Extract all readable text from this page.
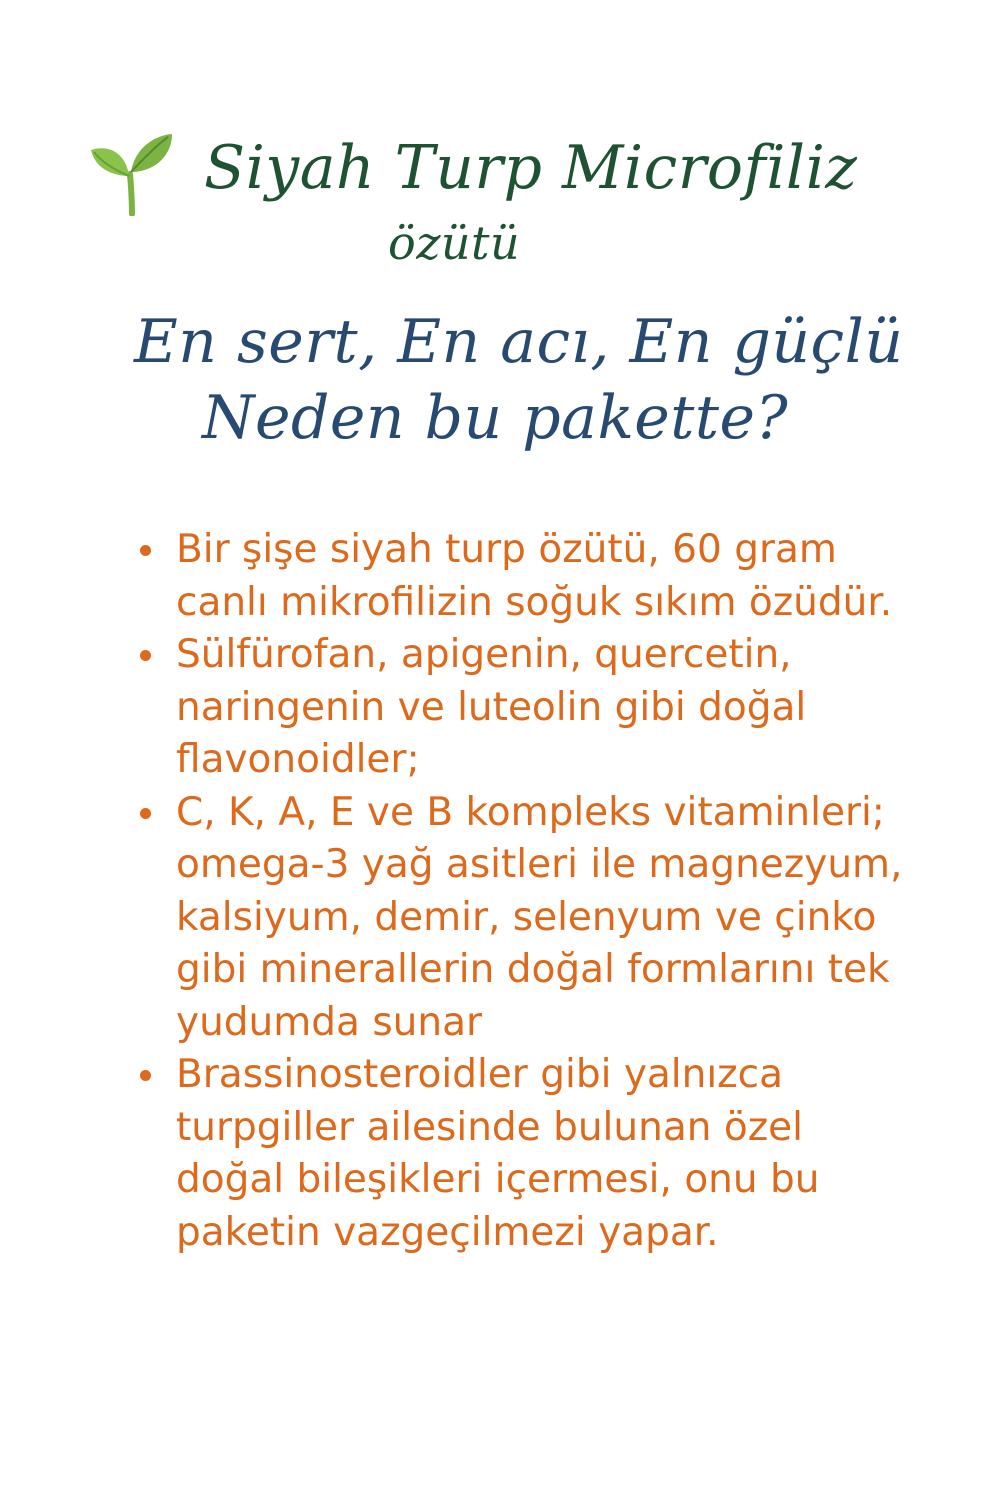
Siyah Turp Microfiliz
özütü
En sert, En acı, En güçlü
Neden bu pakette?
Bir şişe siyah turp özütü, 60 gram canlı mikrofilizin soğuk sıkım özüdür.
Sülfürofan, apigenin, quercetin, naringenin ve luteolin gibi doğal flavonoidler;
C, K, A, E ve B kompleks vitaminleri; omega-3 yağ asitleri ile magnezyum, kalsiyum, demir, selenyum ve çinko gibi minerallerin doğal formlarını tek yudumda sunar
Brassinosteroidler gibi yalnızca turpgiller ailesinde bulunan özel doğal bileşikleri içermesi, onu bu paketin vazgeçilmezi yapar.
